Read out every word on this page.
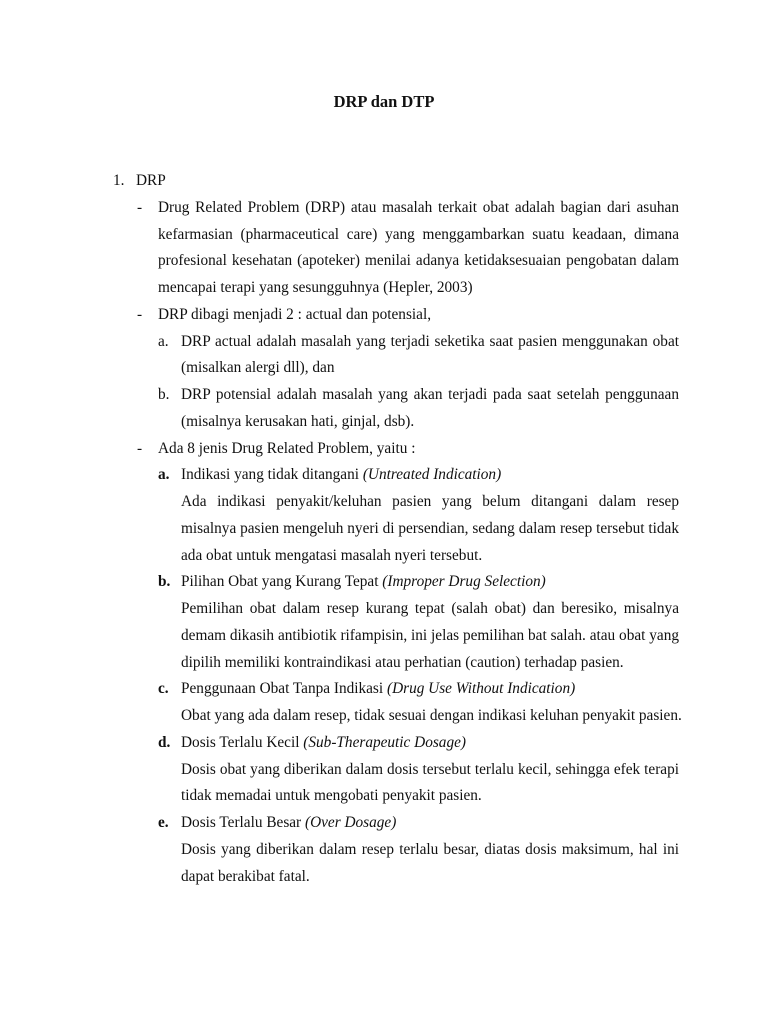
DRP dan DTP
1. DRP
- Drug Related Problem (DRP) atau masalah terkait obat adalah bagian dari asuhan
kefarmasian (pharmaceutical care) yang menggambarkan suatu keadaan, dimana
profesional kesehatan (apoteker) menilai adanya ketidaksesuaian pengobatan dalam
mencapai terapi yang sesungguhnya (Hepler, 2003)
- DRP dibagi menjadi 2 : actual dan potensial,
a. DRP actual adalah masalah yang terjadi seketika saat pasien menggunakan obat
(misalkan alergi dll), dan
b. DRP potensial adalah masalah yang akan terjadi pada saat setelah penggunaan
(misalnya kerusakan hati, ginjal, dsb).
- Ada 8 jenis Drug Related Problem, yaitu :
a. Indikasi yang tidak ditangani (Untreated Indication)
Ada indikasi penyakit/keluhan pasien yang belum ditangani dalam resep
misalnya pasien mengeluh nyeri di persendian, sedang dalam resep tersebut tidak
ada obat untuk mengatasi masalah nyeri tersebut.
b. Pilihan Obat yang Kurang Tepat (Improper Drug Selection)
Pemilihan obat dalam resep kurang tepat (salah obat) dan beresiko, misalnya
demam dikasih antibiotik rifampisin, ini jelas pemilihan bat salah. atau obat yang
dipilih memiliki kontraindikasi atau perhatian (caution) terhadap pasien.
c. Penggunaan Obat Tanpa Indikasi (Drug Use Without Indication)
Obat yang ada dalam resep, tidak sesuai dengan indikasi keluhan penyakit pasien.
d. Dosis Terlalu Kecil (Sub-Therapeutic Dosage)
Dosis obat yang diberikan dalam dosis tersebut terlalu kecil, sehingga efek terapi
tidak memadai untuk mengobati penyakit pasien.
e. Dosis Terlalu Besar (Over Dosage)
Dosis yang diberikan dalam resep terlalu besar, diatas dosis maksimum, hal ini
dapat berakibat fatal.
